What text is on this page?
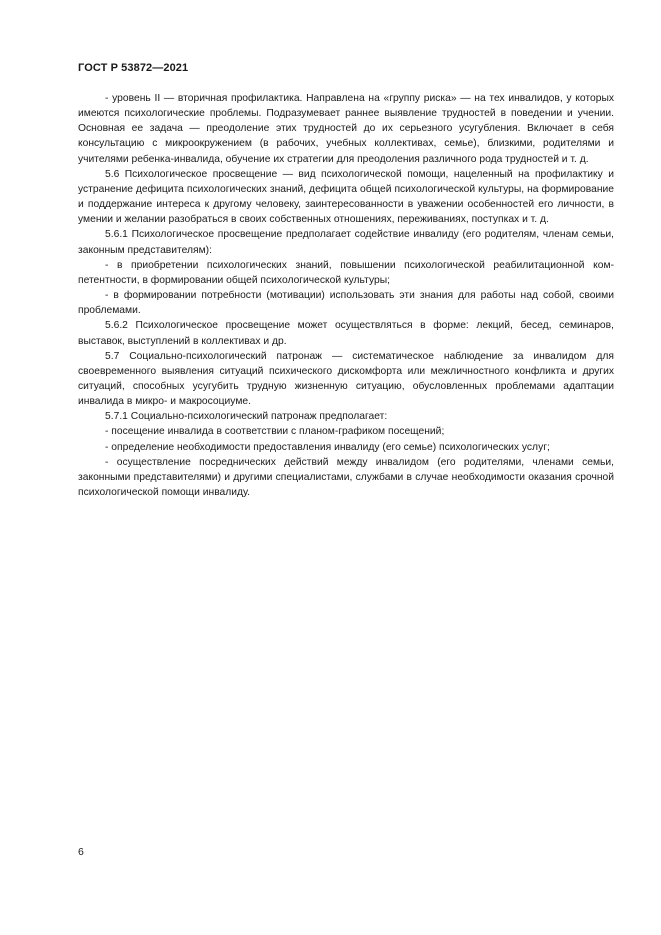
ГОСТ Р 53872—2021

- уровень II — вторичная профилактика. Направлена на «группу риска» — на тех инвалидов, у которых имеются психологические проблемы. Подразумевает раннее выявление трудностей в поведении и учении. Основная ее задача — преодоление этих трудностей до их серьезного усугубления. Включает в себя консультацию с микроокружением (в рабочих, учебных коллективах, семье), близкими, родителями и учителями ребенка-инвалида, обучение их стратегии для преодоления различного рода трудностей и т. д.

5.6 Психологическое просвещение — вид психологической помощи, нацеленный на профилактику и устранение дефицита психологических знаний, дефицита общей психологической культуры, на формирование и поддержание интереса к другому человеку, заинтересованности в уважении особенностей его личности, в умении и желании разобраться в своих собственных отношениях, переживаниях, поступках и т. д.

5.6.1 Психологическое просвещение предполагает содействие инвалиду (его родителям, членам семьи, законным представителям):

- в приобретении психологических знаний, повышении психологической реабилитационной компетентности, в формировании общей психологической культуры;

- в формировании потребности (мотивации) использовать эти знания для работы над собой, своими проблемами.

5.6.2 Психологическое просвещение может осуществляться в форме: лекций, бесед, семинаров, выставок, выступлений в коллективах и др.

5.7 Социально-психологический патронаж — систематическое наблюдение за инвалидом для своевременного выявления ситуаций психического дискомфорта или межличностного конфликта и других ситуаций, способных усугубить трудную жизненную ситуацию, обусловленных проблемами адаптации инвалида в микро- и макросоциуме.

5.7.1 Социально-психологический патронаж предполагает:

- посещение инвалида в соответствии с планом-графиком посещений;

- определение необходимости предоставления инвалиду (его семье) психологических услуг;

- осуществление посреднических действий между инвалидом (его родителями, членами семьи, законными представителями) и другими специалистами, службами в случае необходимости оказания срочной психологической помощи инвалиду.

6
